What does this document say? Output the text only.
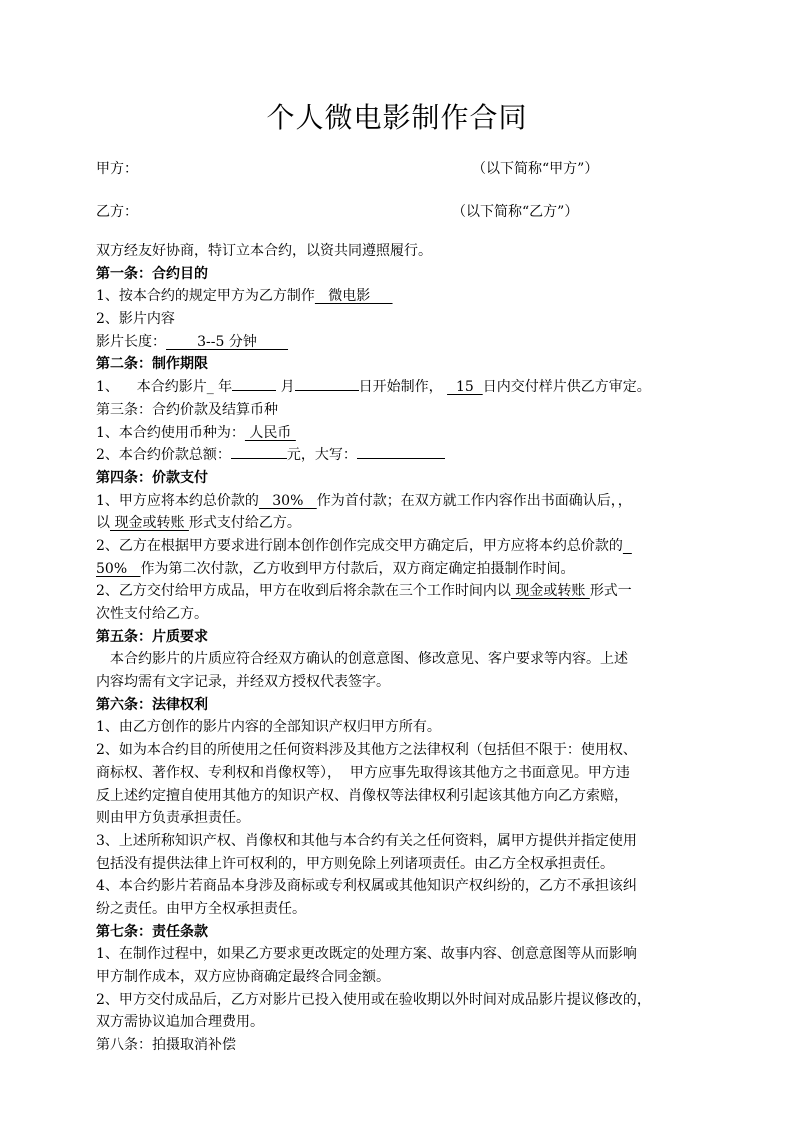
个人微电影制作合同
甲方：	（以下简称“甲方”）
乙方：	（以下简称“乙方”）
双方经友好协商，特订立本合约，以资共同遵照履行。
第一条：合约目的
1、按本合约的规定甲方为乙方制作   微电影
2、影片内容
影片长度：       3--5 分钟
第二条：制作期限
1、    本合约影片_ 年	月	日开始制作，   15  日内交付样片供乙方审定。
第三条：合约价款及结算币种
1、本合约使用币种为： 人民币
2、本合约价款总额：	元，大写：
第四条：价款支付
1、甲方应将本约总价款的   30%   作为首付款；在双方就工作内容作出书面确认后，，
以 现金或转账 形式支付给乙方。
2、乙方在根据甲方要求进行剧本创作创作完成交甲方确定后，甲方应将本约总价款的
50%   作为第二次付款，乙方收到甲方付款后，双方商定确定拍摄制作时间。
2、乙方交付给甲方成品，甲方在收到后将余款在三个工作时间内以 现金或转账 形式一
次性支付给乙方。
第五条：片质要求
本合约影片的片质应符合经双方确认的创意意图、修改意见、客户要求等内容。上述
内容均需有文字记录，并经双方授权代表签字。
第六条：法律权利
1、由乙方创作的影片内容的全部知识产权归甲方所有。
2、如为本合约目的所使用之任何资料涉及其他方之法律权利（包括但不限于：使用权、
商标权、著作权、专利权和肖像权等），  甲方应事先取得该其他方之书面意见。甲方违
反上述约定擅自使用其他方的知识产权、肖像权等法律权利引起该其他方向乙方索赔，
则由甲方负责承担责任。
3、上述所称知识产权、肖像权和其他与本合约有关之任何资料，属甲方提供并指定使用
包括没有提供法律上许可权利的，甲方则免除上列诸项责任。由乙方全权承担责任。
4、本合约影片若商品本身涉及商标或专利权属或其他知识产权纠纷的，乙方不承担该纠
纷之责任。由甲方全权承担责任。
第七条：责任条款
1、在制作过程中，如果乙方要求更改既定的处理方案、故事内容、创意意图等从而影响
甲方制作成本，双方应协商确定最终合同金额。
2、甲方交付成品后，乙方对影片已投入使用或在验收期以外时间对成品影片提议修改的，
双方需协议追加合理费用。
第八条：拍摄取消补偿
